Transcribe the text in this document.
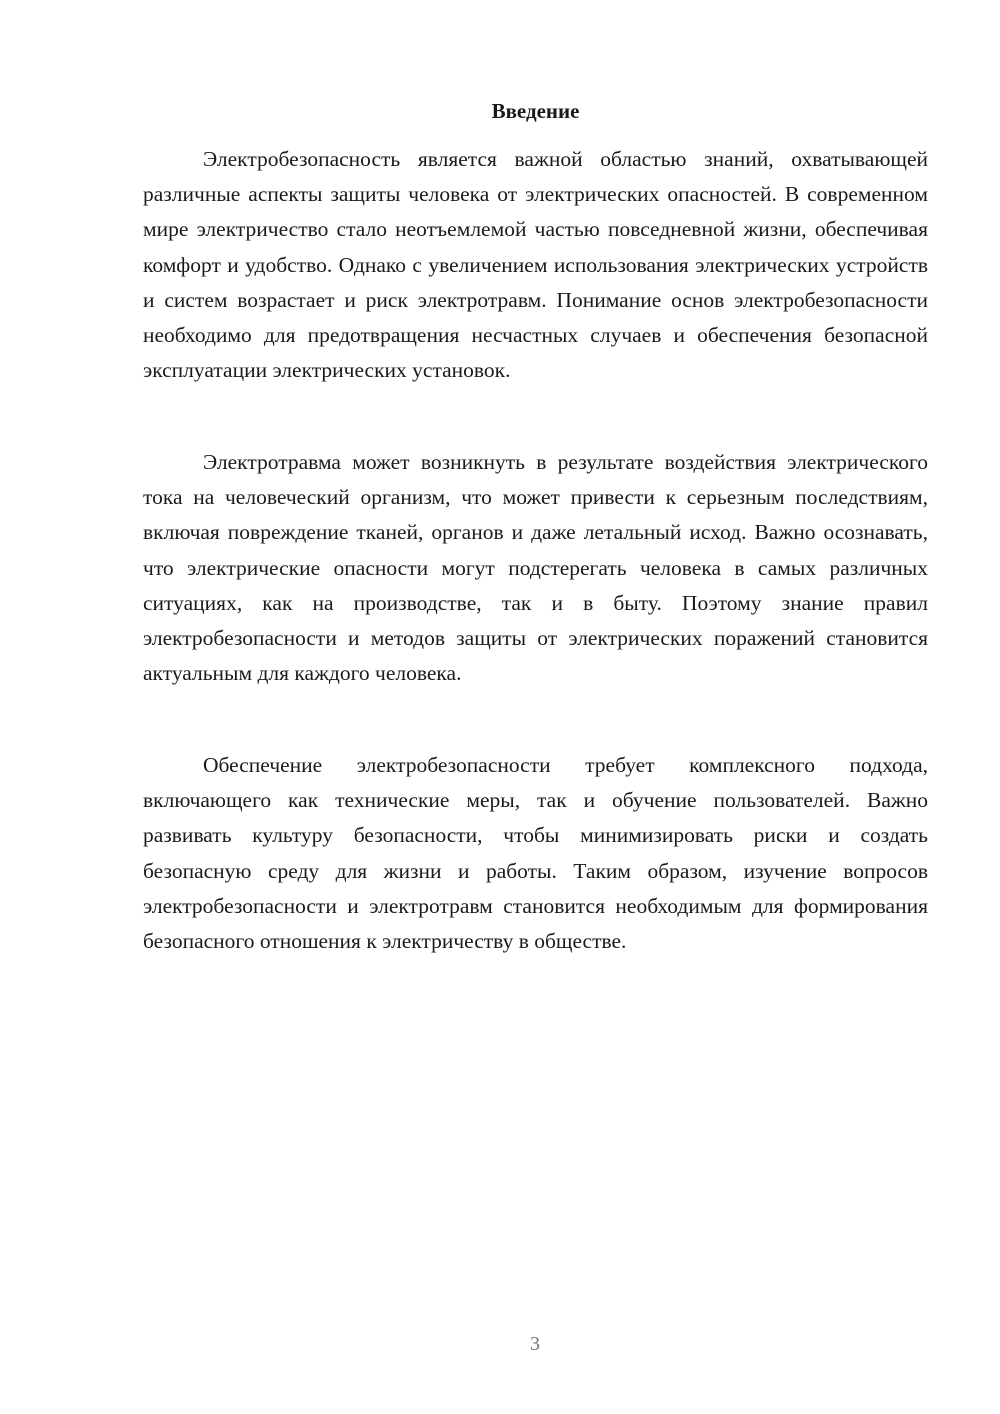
Введение

Электробезопасность является важной областью знаний, охватывающей различные аспекты защиты человека от электрических опасностей. В современном мире электричество стало неотъемлемой частью повседневной жизни, обеспечивая комфорт и удобство. Однако с увеличением использования электрических устройств и систем возрастает и риск электротравм. Понимание основ электробезопасности необходимо для предотвращения несчастных случаев и обеспечения безопасной эксплуатации электрических установок.

Электротравма может возникнуть в результате воздействия электрического тока на человеческий организм, что может привести к серьезным последствиям, включая повреждение тканей, органов и даже летальный исход. Важно осознавать, что электрические опасности могут подстерегать человека в самых различных ситуациях, как на производстве, так и в быту. Поэтому знание правил электробезопасности и методов защиты от электрических поражений становится актуальным для каждого человека.

Обеспечение электробезопасности требует комплексного подхода, включающего как технические меры, так и обучение пользователей. Важно развивать культуру безопасности, чтобы минимизировать риски и создать безопасную среду для жизни и работы. Таким образом, изучение вопросов электробезопасности и электротравм становится необходимым для формирования безопасного отношения к электричеству в обществе.

3
